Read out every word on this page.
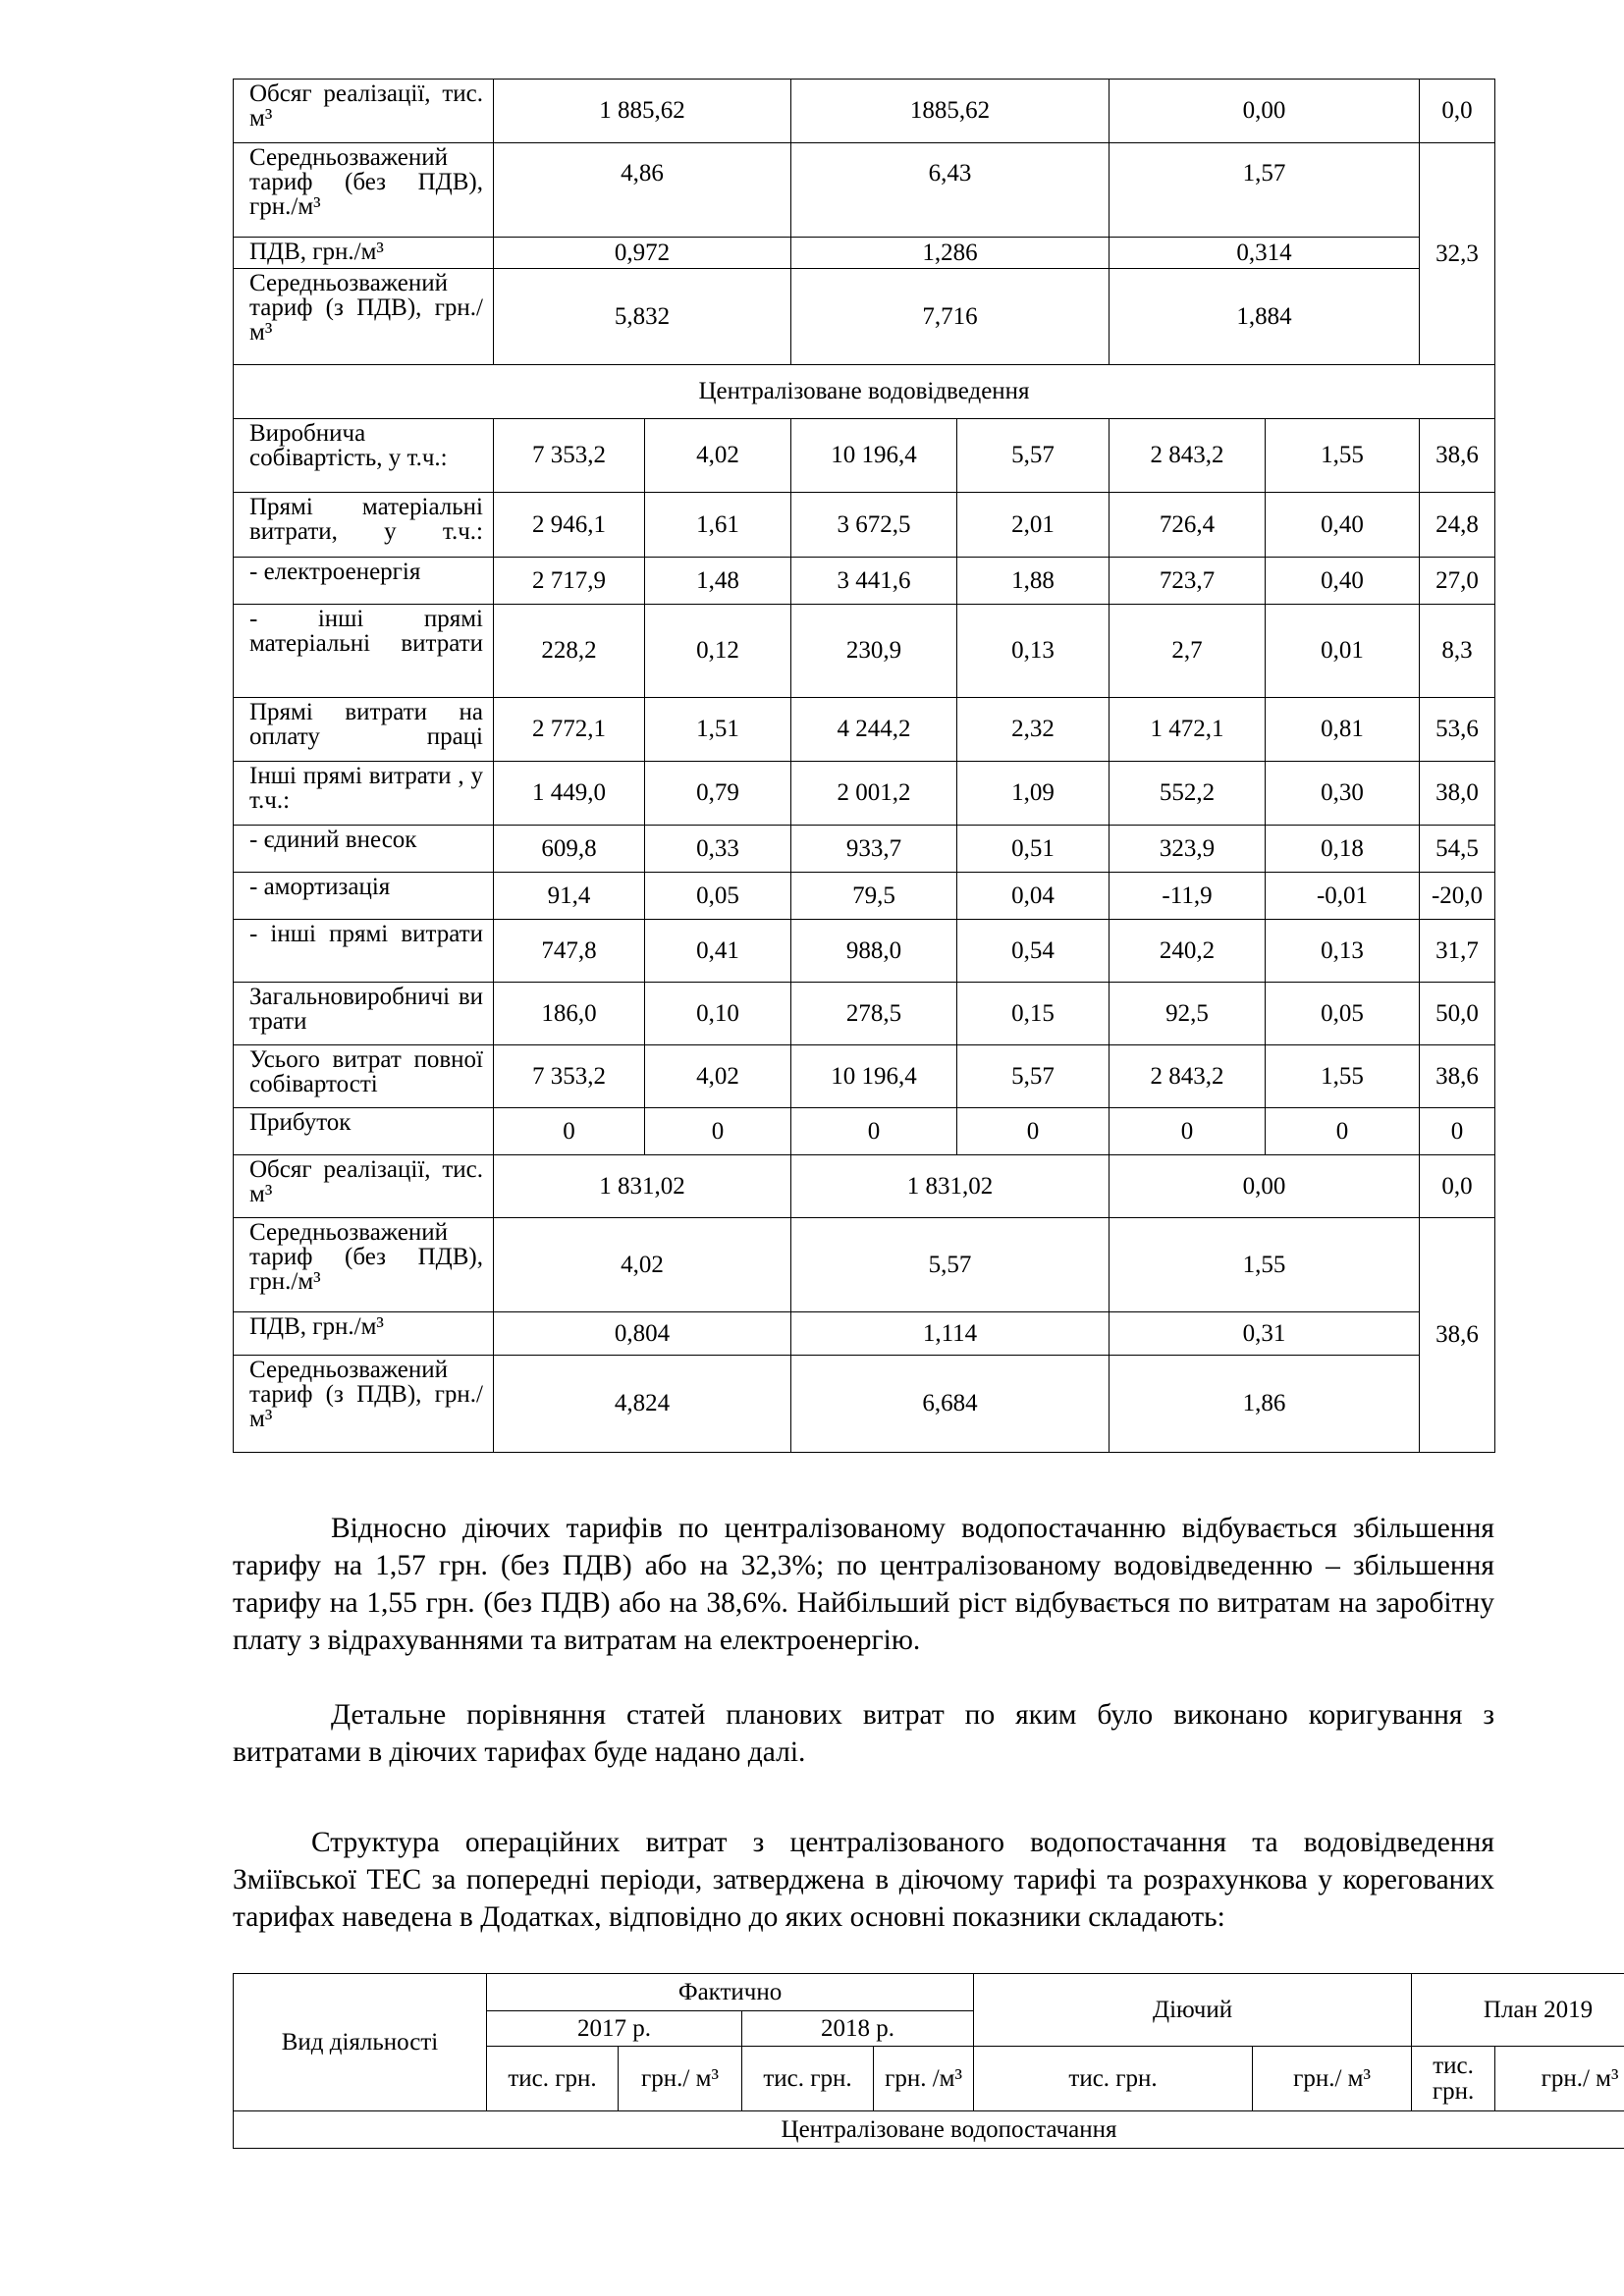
Обсяг реалізації, тис. м³	1 885,62		1885,62		0,00		0,0
Середньозважений тариф (без ПДВ), грн./м³	4,86		6,43		1,57		32,3
ПДВ, грн./м³	0,972		1,286		0,314		
Середньозважений тариф (з ПДВ), грн./м³	5,832		7,716		1,884		
Централізоване водовідведення							
Виробнича собівартість, у т.ч.:	7 353,2	4,02	10 196,4	5,57	2 843,2	1,55	38,6
Прямі матеріальні витрати, у т.ч.:	2 946,1	1,61	3 672,5	2,01	726,4	0,40	24,8
- електроенергія	2 717,9	1,48	3 441,6	1,88	723,7	0,40	27,0
- інші прямі матеріальні витрати	228,2	0,12	230,9	0,13	2,7	0,01	8,3
Прямі витрати на оплату праці	2 772,1	1,51	4 244,2	2,32	1 472,1	0,81	53,6
Інші прямі витрати , у т.ч.:	1 449,0	0,79	2 001,2	1,09	552,2	0,30	38,0
- єдиний внесок	609,8	0,33	933,7	0,51	323,9	0,18	54,5
- амортизація	91,4	0,05	79,5	0,04	-11,9	-0,01	-20,0
- інші прямі витрати	747,8	0,41	988,0	0,54	240,2	0,13	31,7
Загальновиробничі витрати	186,0	0,10	278,5	0,15	92,5	0,05	50,0
Усього витрат повної собівартості	7 353,2	4,02	10 196,4	5,57	2 843,2	1,55	38,6
Прибуток	0	0	0	0	0	0	0
Обсяг реалізації, тис. м³	1 831,02		1 831,02		0,00		0,0
Середньозважений тариф (без ПДВ), грн./м³	4,02		5,57		1,55		38,6
ПДВ, грн./м³	0,804		1,114		0,31		
Середньозважений тариф (з ПДВ), грн./м³	4,824		6,684		1,86		

Відносно діючих тарифів по централізованому водопостачанню відбувається збільшення тарифу на 1,57 грн. (без ПДВ) або на 32,3%; по централізованому водовідведенню – збільшення тарифу на 1,55 грн. (без ПДВ) або на 38,6%. Найбільший ріст відбувається по витратам на заробітну плату з відрахуваннями та витратам на електроенергію.

Детальне порівняння статей планових витрат по яким було виконано коригування з витратами в діючих тарифах буде надано далі.

Структура операційних витрат з централізованого водопостачання та водовідведення Зміївської ТЕС за попередні періоди, затверджена в діючому тарифі та розрахункова у корегованих тарифах наведена в Додатках, відповідно до яких основні показники складають:

Вид діяльності	Фактично				Діючий		План 2019	
	2017 р.		2018 р.					
	тис. грн.	грн./ м³	тис. грн.	грн. /м³	тис. грн.	грн./ м³	тис. грн.	грн./ м³
Централізоване водопостачання								
